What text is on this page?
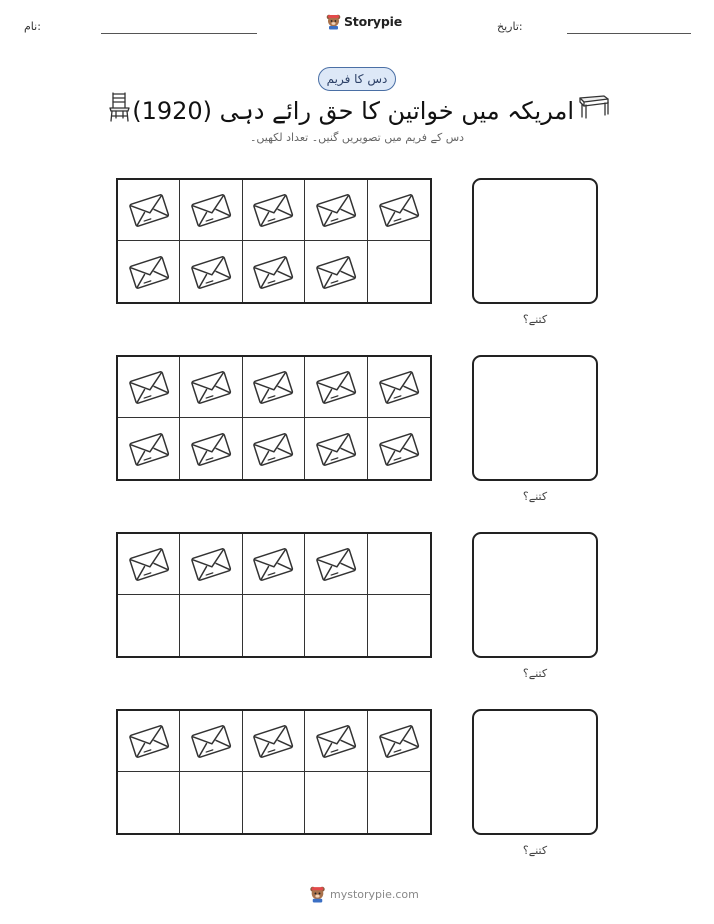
نام:	Storypie	تاریخ:
دس کا فریم
امریکہ میں خواتین کا حق رائے دہی (1920)
دس کے فریم میں تصویریں گنیں۔ تعداد لکھیں۔
کتنے؟
کتنے؟
کتنے؟
کتنے؟
mystorypie.com
